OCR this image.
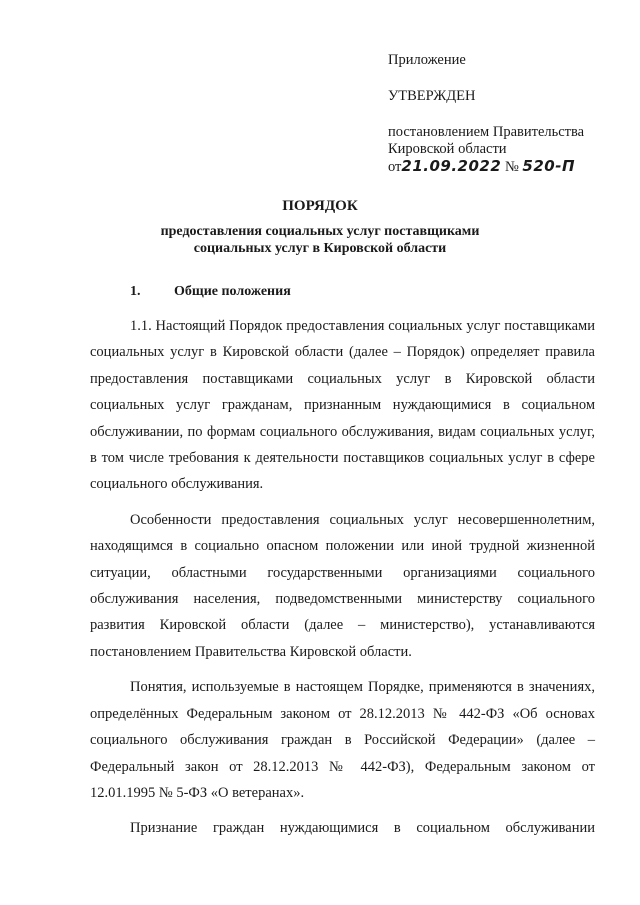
Приложение
УТВЕРЖДЕН
постановлением Правительства Кировской области
от21.09.2022 № 520-П
ПОРЯДОК
предоставления социальных услуг поставщиками социальных услуг в Кировской области
1. Общие положения

1.1. Настоящий Порядок предоставления социальных услуг поставщиками социальных услуг в Кировской области (далее – Порядок) определяет правила предоставления поставщиками социальных услуг в Кировской области социальных услуг гражданам, признанным нуждающимися в социальном обслуживании, по формам социального обслуживания, видам социальных услуг, в том числе требования к деятельности поставщиков социальных услуг в сфере социального обслуживания.

Особенности предоставления социальных услуг несовершеннолетним, находящимся в социально опасном положении или иной трудной жизненной ситуации, областными государственными организациями социального обслуживания населения, подведомственными министерству социального развития Кировской области (далее – министерство), устанавливаются постановлением Правительства Кировской области.

Понятия, используемые в настоящем Порядке, применяются в значениях, определённых Федеральным законом от 28.12.2013 № 442-ФЗ «Об основах социального обслуживания граждан в Российской Федерации» (далее – Федеральный закон от 28.12.2013 № 442-ФЗ), Федеральным законом от 12.01.1995 № 5-ФЗ «О ветеранах».

Признание граждан нуждающимися в социальном обслуживании
